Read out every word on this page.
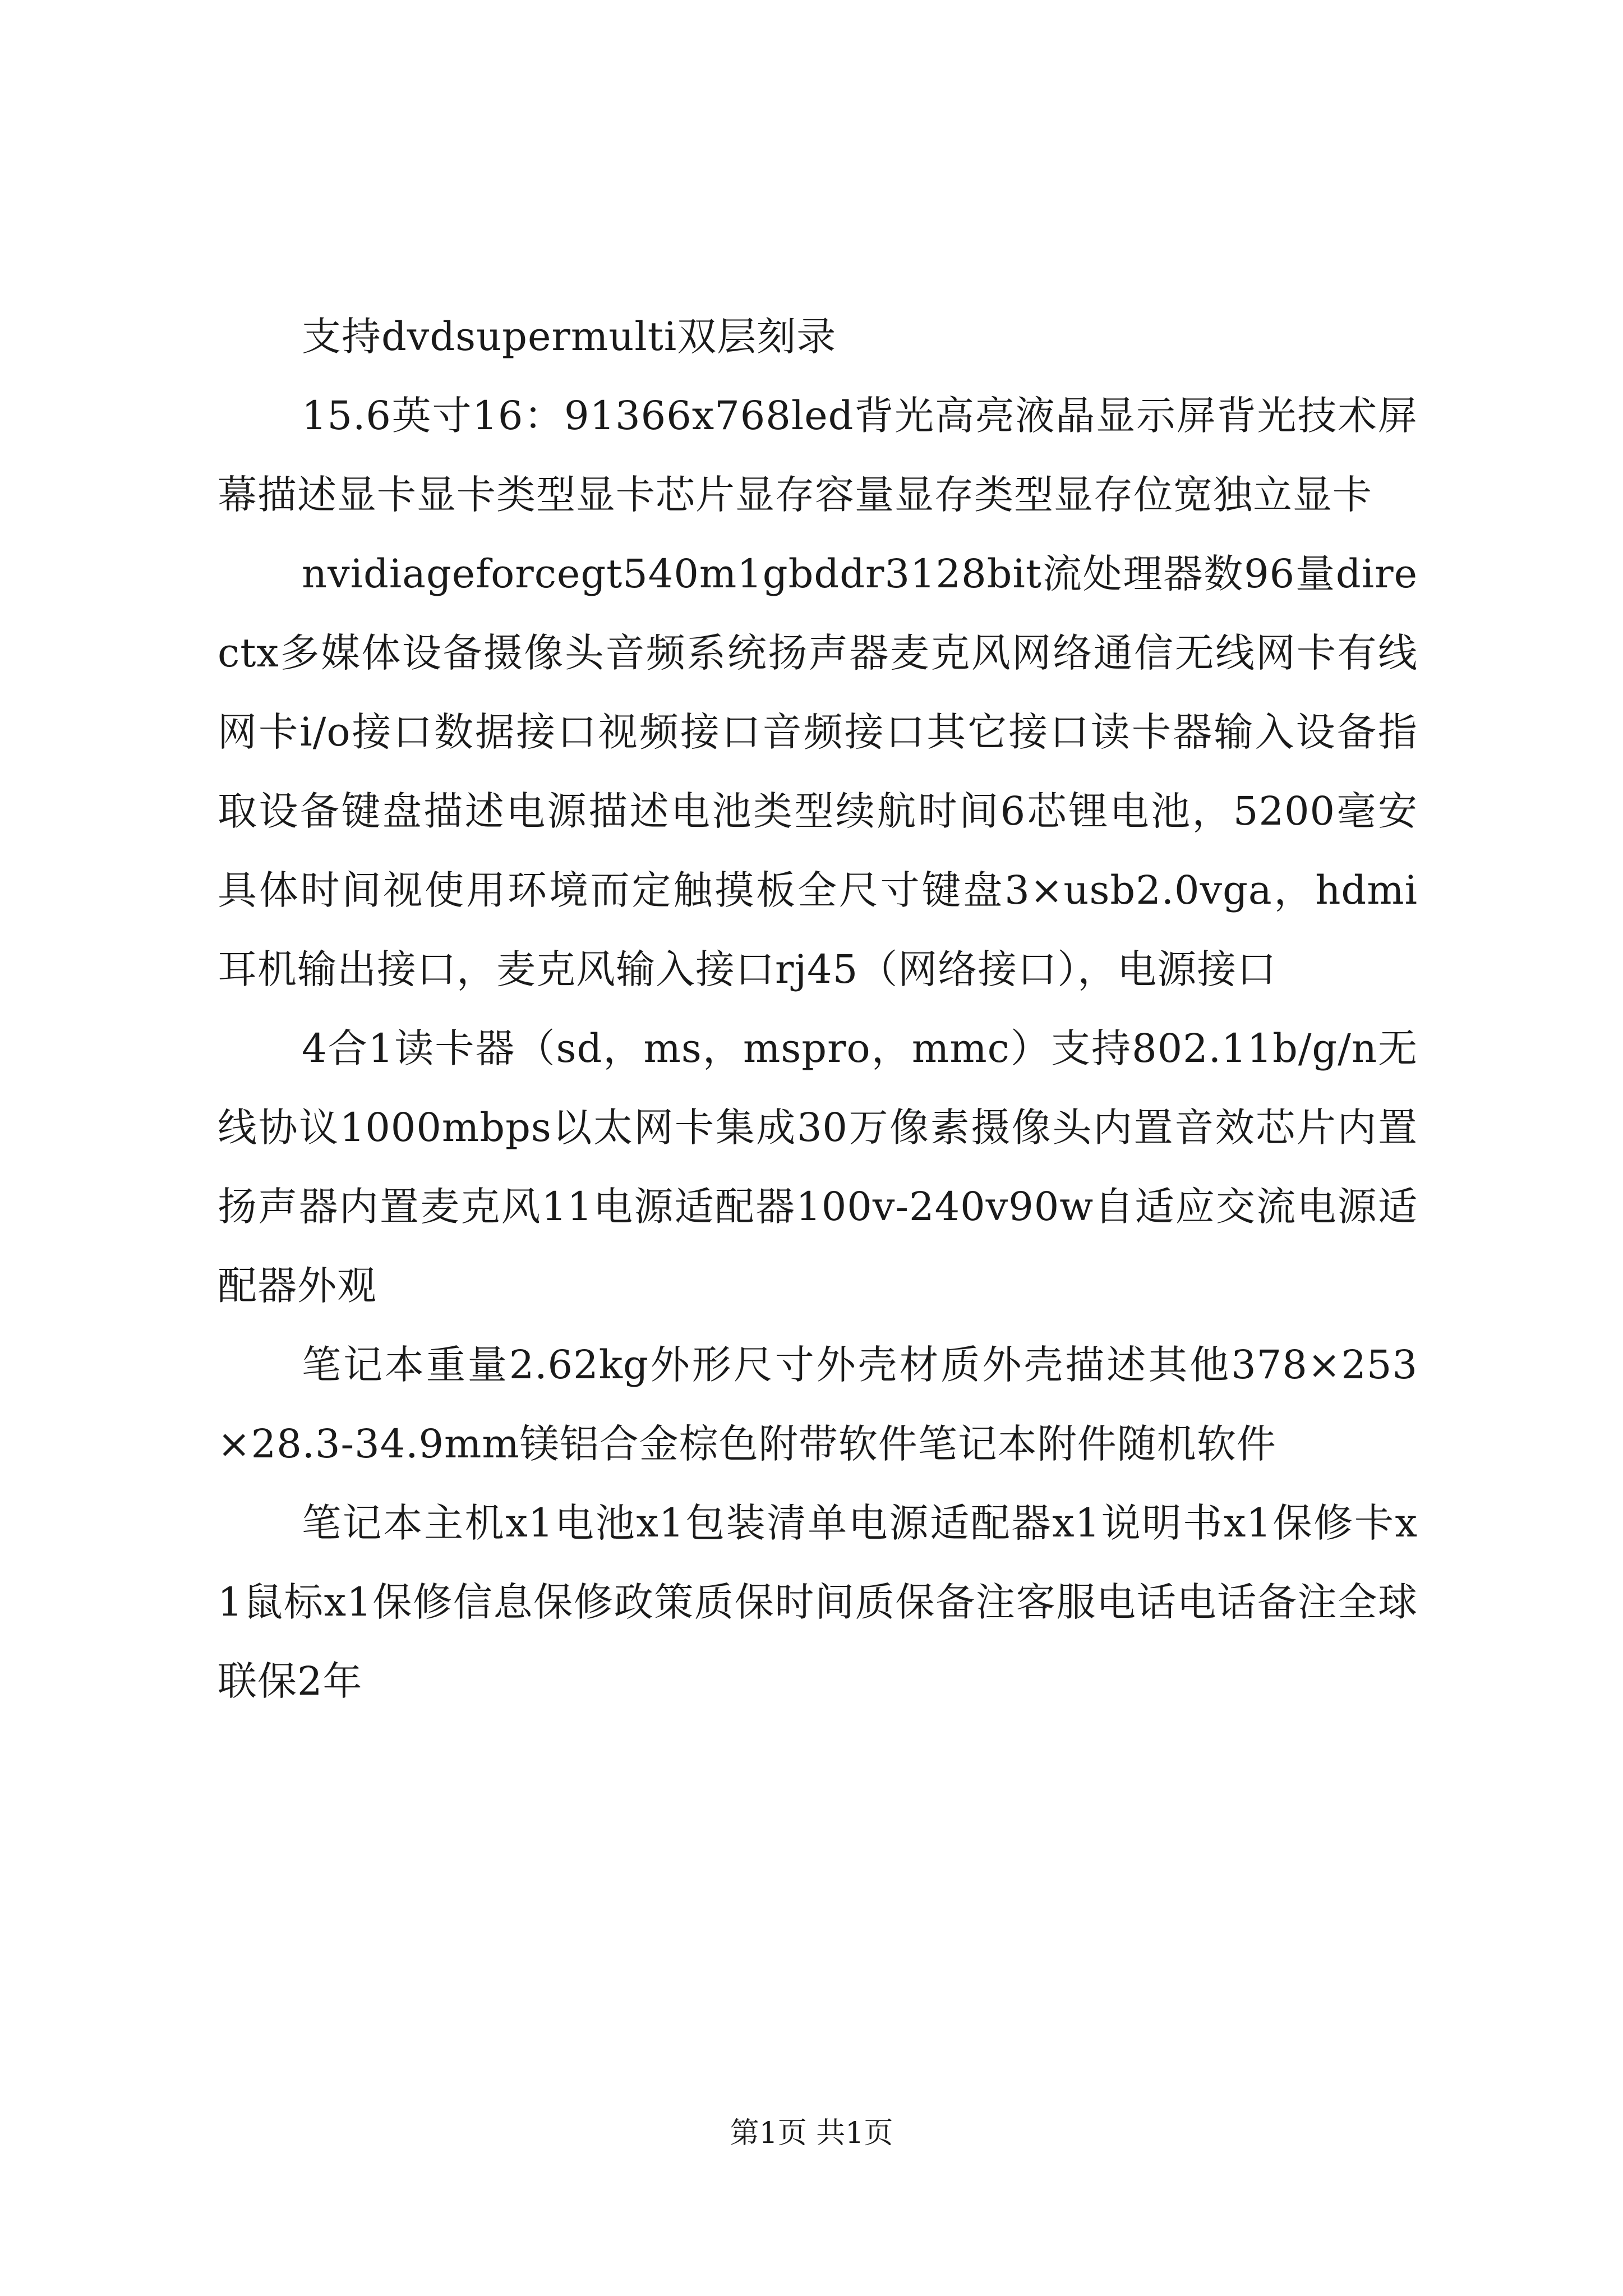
支持dvdsupermulti双层刻录

15.6英寸16：91366x768led背光高亮液晶显示屏背光技术屏幕描述显卡显卡类型显卡芯片显存容量显存类型显存位宽独立显卡

nvidiageforcegt540m1gbddr3128bit流处理器数96量directx多媒体设备摄像头音频系统扬声器麦克风网络通信无线网卡有线网卡i/o接口数据接口视频接口音频接口其它接口读卡器输入设备指取设备键盘描述电源描述电池类型续航时间6芯锂电池，5200毫安具体时间视使用环境而定触摸板全尺寸键盘3×usb2.0vga，hdmi耳机输出接口，麦克风输入接口rj45（网络接口），电源接口

4合1读卡器（sd，ms，mspro，mmc）支持802.11b/g/n无线协议1000mbps以太网卡集成30万像素摄像头内置音效芯片内置扬声器内置麦克风11电源适配器100v-240v90w自适应交流电源适配器外观

笔记本重量2.62kg外形尺寸外壳材质外壳描述其他378×253×28.3-34.9mm镁铝合金棕色附带软件笔记本附件随机软件

笔记本主机x1电池x1包装清单电源适配器x1说明书x1保修卡x1鼠标x1保修信息保修政策质保时间质保备注客服电话电话备注全球联保2年

第1页 共1页
